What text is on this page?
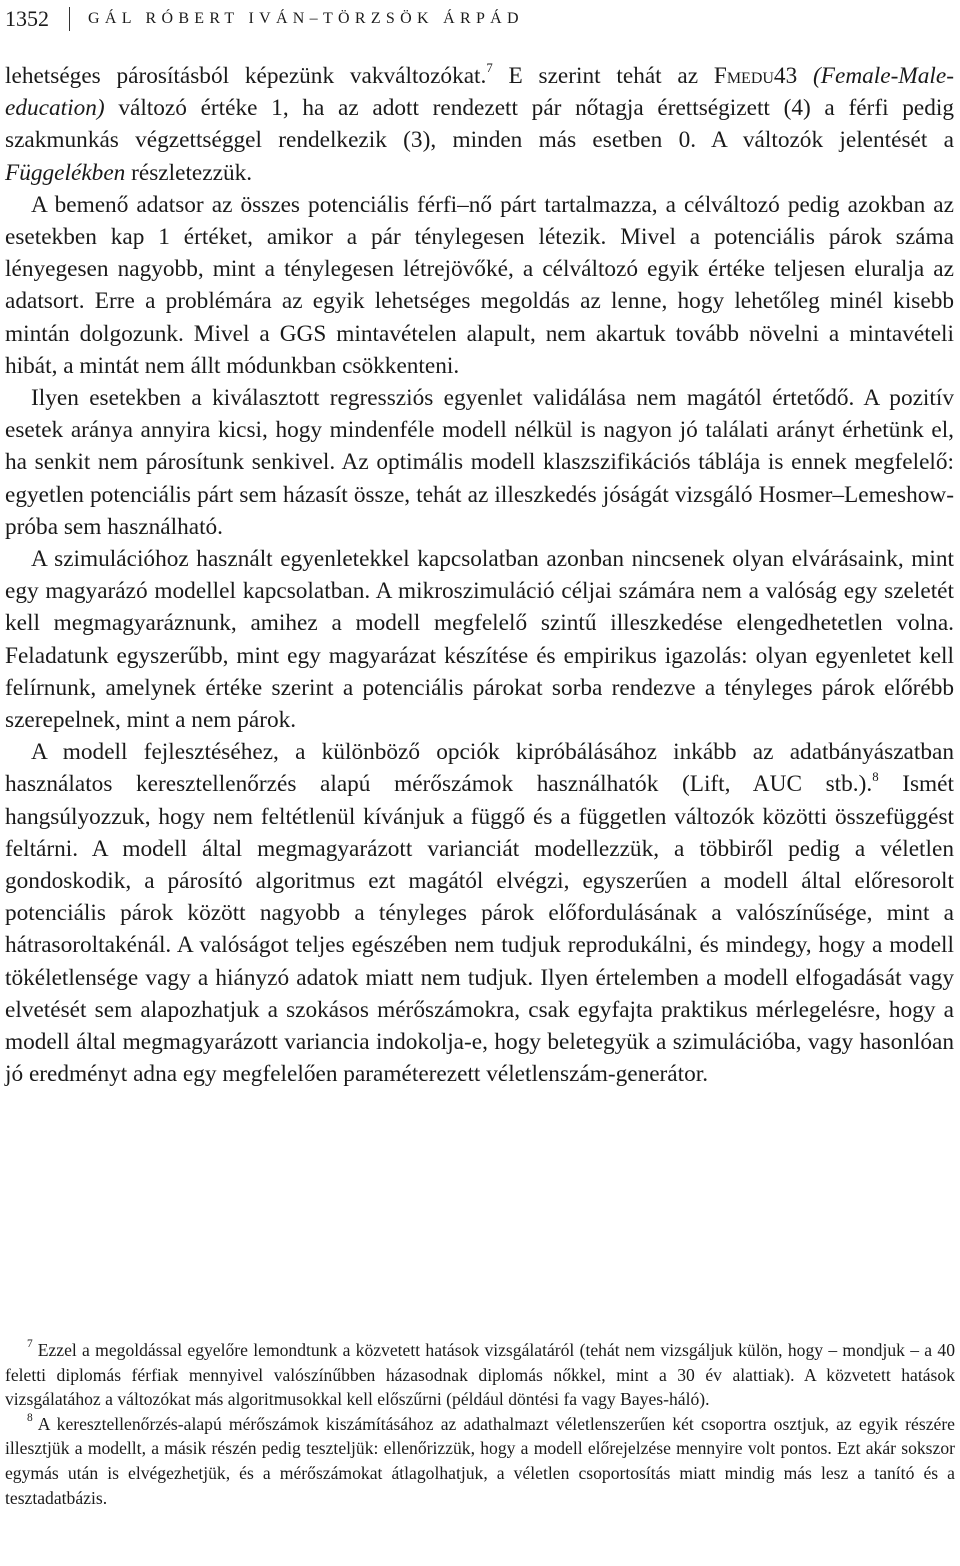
1352 GÁL RÓBERT IVÁN–TÖRZSÖK ÁRPÁD

lehetséges párosításból képezünk vakváltozókat.$^7$ E szerint tehát az Fmedu43 (Female-Male-education) változó értéke 1, ha az adott rendezett pár nőtagja érettségizett (4) a férfi pedig szakmunkás végzettséggel rendelkezik (3), minden más esetben 0. A változók jelentését a Függelékben részletezzük.

A bemenő adatsor az összes potenciális férfi–nő párt tartalmazza, a célváltozó pedig azokban az esetekben kap 1 értéket, amikor a pár ténylegesen létezik. Mivel a potenciális párok száma lényegesen nagyobb, mint a ténylegesen létrejövőké, a célváltozó egyik értéke teljesen eluralja az adatsort. Erre a problémára az egyik lehetséges megoldás az lenne, hogy lehetőleg minél kisebb mintán dolgozunk. Mivel a GGS mintavételen alapult, nem akartuk tovább növelni a mintavételi hibát, a mintát nem állt módunkban csökkenteni.

Ilyen esetekben a kiválasztott regressziós egyenlet validálása nem magától értetődő. A pozitív esetek aránya annyira kicsi, hogy mindenféle modell nélkül is nagyon jó találati arányt érhetünk el, ha senkit nem párosítunk senkivel. Az optimális modell klaszszifikációs táblája is ennek megfelelő: egyetlen potenciális párt sem házasít össze, tehát az illeszkedés jóságát vizsgáló Hosmer–Lemeshow-próba sem használható.

A szimulációhoz használt egyenletekkel kapcsolatban azonban nincsenek olyan elvárásaink, mint egy magyarázó modellel kapcsolatban. A mikroszimuláció céljai számára nem a valóság egy szeletét kell megmagyaráznunk, amihez a modell megfelelő szintű illeszkedése elengedhetetlen volna. Feladatunk egyszerűbb, mint egy magyarázat készítése és empirikus igazolás: olyan egyenletet kell felírnunk, amelynek értéke szerint a potenciális párokat sorba rendezve a tényleges párok előrébb szerepelnek, mint a nem párok.

A modell fejlesztéséhez, a különböző opciók kipróbálásához inkább az adatbányászatban használatos keresztellenőrzés alapú mérőszámok használhatók (Lift, AUC stb.).$^8$ Ismét hangsúlyozzuk, hogy nem feltétlenül kívánjuk a függő és a független változók közötti összefüggést feltárni. A modell által megmagyarázott varianciát modellezzük, a többiről pedig a véletlen gondoskodik, a párosító algoritmus ezt magától elvégzi, egyszerűen a modell által előresorolt potenciális párok között nagyobb a tényleges párok előfordulásának a valószínűsége, mint a hátrasoroltakénál. A valóságot teljes egészében nem tudjuk reprodukálni, és mindegy, hogy a modell tökéletlensége vagy a hiányzó adatok miatt nem tudjuk. Ilyen értelemben a modell elfogadását vagy elvetését sem alapozhatjuk a szokásos mérőszámokra, csak egyfajta praktikus mérlegelésre, hogy a modell által megmagyarázott variancia indokolja-e, hogy beletegyük a szimulációba, vagy hasonlóan jó eredményt adna egy megfelelően paraméterezett véletlenszám-generátor.

$^7$ Ezzel a megoldással egyelőre lemondtunk a közvetett hatások vizsgálatáról (tehát nem vizsgáljuk külön, hogy – mondjuk – a 40 feletti diplomás férfiak mennyivel valószínűbben házasodnak diplomás nőkkel, mint a 30 év alattiak). A közvetett hatások vizsgálatához a változókat más algoritmusokkal kell előszűrni (például döntési fa vagy Bayes-háló).

$^8$ A keresztellenőrzés-alapú mérőszámok kiszámításához az adathalmazt véletlenszerűen két csoportra osztjuk, az egyik részére illesztjük a modellt, a másik részén pedig teszteljük: ellenőrizzük, hogy a modell előrejelzése mennyire volt pontos. Ezt akár sokszor egymás után is elvégezhetjük, és a mérőszámokat átlagolhatjuk, a véletlen csoportosítás miatt mindig más lesz a tanító és a tesztadatbázis.
